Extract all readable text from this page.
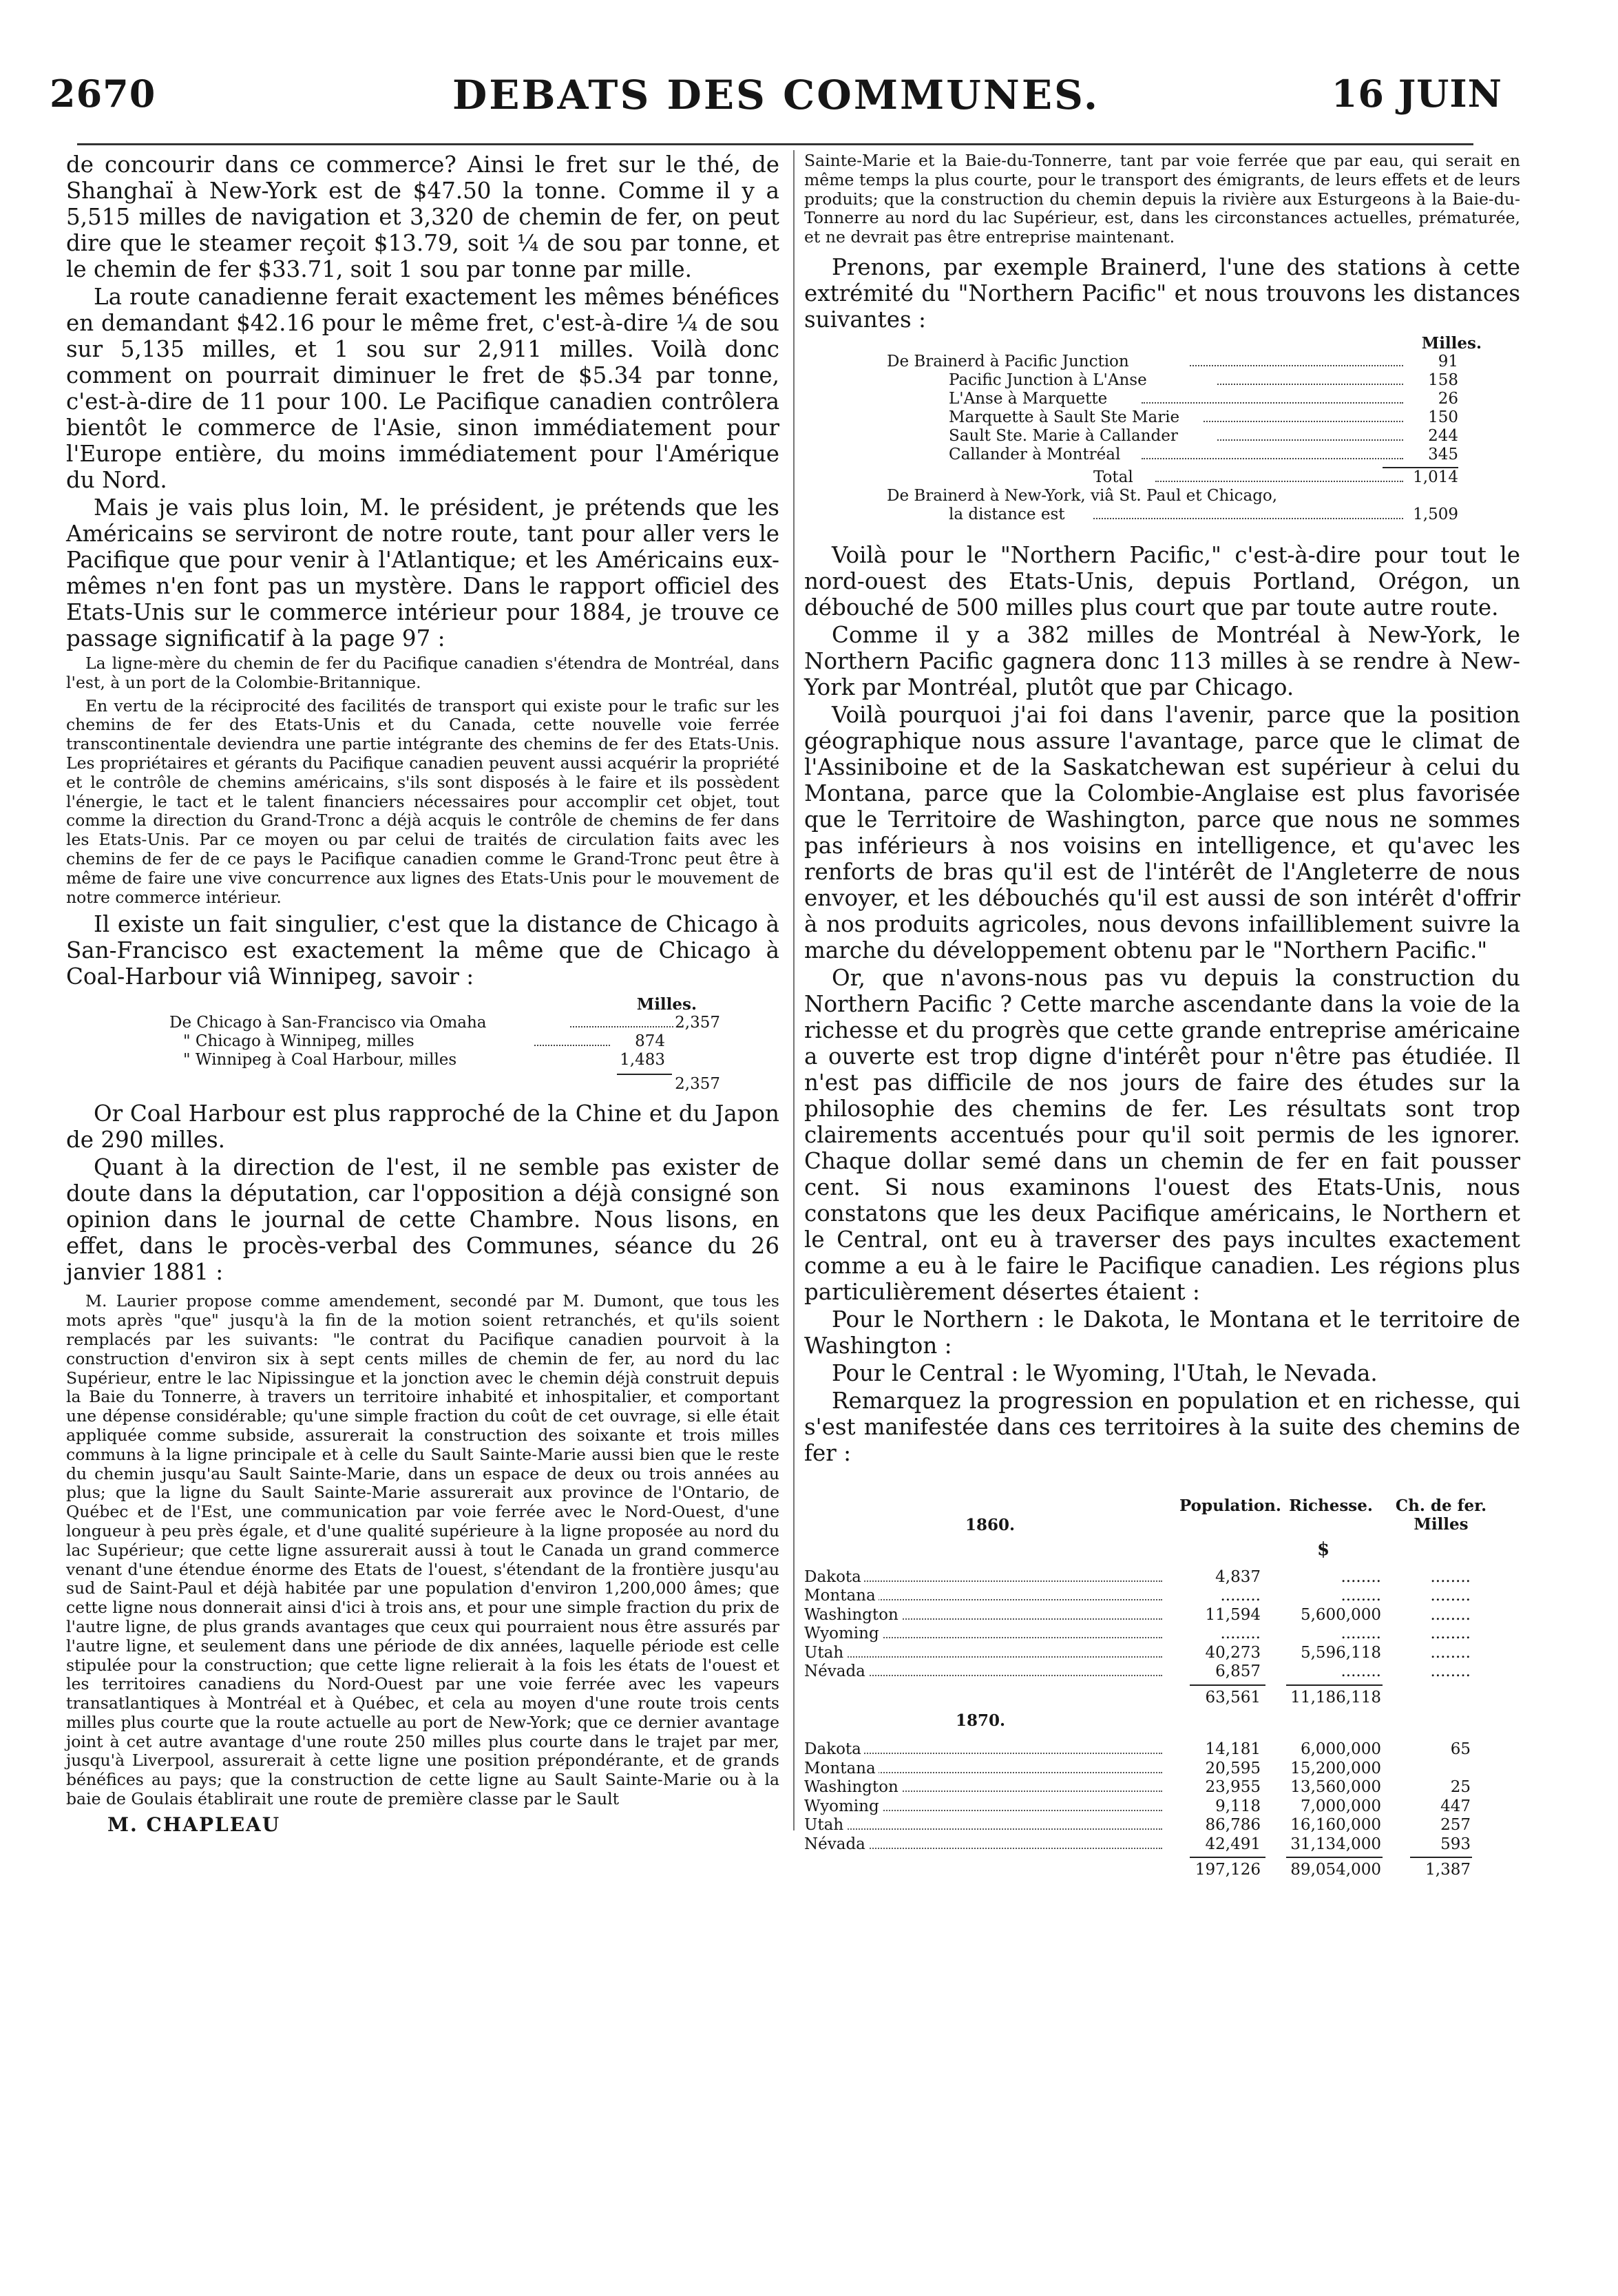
2670	DEBATS DES COMMUNES.	16 JUIN
de concourir dans ce commerce? Ainsi le fret sur le thé, de Shanghaï à New-York est de $47.50 la tonne. Comme il y a 5,515 milles de navigation et 3,320 de chemin de fer, on peut dire que le steamer reçoit $13.79, soit ¼ de sou par tonne, et le chemin de fer $33.71, soit 1 sou par tonne par mille.
La route canadienne ferait exactement les mêmes bénéfices en demandant $42.16 pour le même fret, c'est-à-dire ¼ de sou sur 5,135 milles, et 1 sou sur 2,911 milles. Voilà donc comment on pourrait diminuer le fret de $5.34 par tonne, c'est-à-dire de 11 pour 100. Le Pacifique canadien contrôlera bientôt le commerce de l'Asie, sinon immédiatement pour l'Europe entière, du moins immédiatement pour l'Amérique du Nord.
Mais je vais plus loin, M. le président, je prétends que les Américains se serviront de notre route, tant pour aller vers le Pacifique que pour venir à l'Atlantique; et les Américains eux-mêmes n'en font pas un mystère. Dans le rapport officiel des Etats-Unis sur le commerce intérieur pour 1884, je trouve ce passage significatif à la page 97 :
La ligne-mère du chemin de fer du Pacifique canadien s'étendra de Montréal, dans l'est, à un port de la Colombie-Britannique.
En vertu de la réciprocité des facilités de transport qui existe pour le trafic sur les chemins de fer des Etats-Unis et du Canada, cette nouvelle voie ferrée transcontinentale deviendra une partie intégrante des chemins de fer des Etats-Unis. Les propriétaires et gérants du Pacifique canadien peuvent aussi acquérir la propriété et le contrôle de chemins américains, s'ils sont disposés à le faire et ils possèdent l'énergie, le tact et le talent financiers nécessaires pour accomplir cet objet, tout comme la direction du Grand-Tronc a déjà acquis le contrôle de chemins de fer dans les Etats-Unis. Par ce moyen ou par celui de traités de circulation faits avec les chemins de fer de ce pays le Pacifique canadien comme le Grand-Tronc peut être à même de faire une vive concurrence aux lignes des Etats-Unis pour le mouvement de notre commerce intérieur.
Il existe un fait singulier, c'est que la distance de Chicago à San-Francisco est exactement la même que de Chicago à Coal-Harbour viâ Winnipeg, savoir :
Milles.
De Chicago à San-Francisco via Omaha	2,357
" Chicago à Winnipeg, milles	874
" Winnipeg à Coal Harbour, milles	1,483
2,357
Or Coal Harbour est plus rapproché de la Chine et du Japon de 290 milles.
Quant à la direction de l'est, il ne semble pas exister de doute dans la députation, car l'opposition a déjà consigné son opinion dans le journal de cette Chambre. Nous lisons, en effet, dans le procès-verbal des Communes, séance du 26 janvier 1881 :
M. Laurier propose comme amendement, secondé par M. Dumont, que tous les mots après "que" jusqu'à la fin de la motion soient retranchés, et qu'ils soient remplacés par les suivants: "le contrat du Pacifique canadien pourvoit à la construction d'environ six à sept cents milles de chemin de fer, au nord du lac Supérieur, entre le lac Nipissingue et la jonction avec le chemin déjà construit depuis la Baie du Tonnerre, à travers un territoire inhabité et inhospitalier, et comportant une dépense considérable; qu'une simple fraction du coût de cet ouvrage, si elle était appliquée comme subside, assurerait la construction des soixante et trois milles communs à la ligne principale et à celle du Sault Sainte-Marie aussi bien que le reste du chemin jusqu'au Sault Sainte-Marie, dans un espace de deux ou trois années au plus; que la ligne du Sault Sainte-Marie assurerait aux province de l'Ontario, de Québec et de l'Est, une communication par voie ferrée avec le Nord-Ouest, d'une longueur à peu près égale, et d'une qualité supérieure à la ligne proposée au nord du lac Supérieur; que cette ligne assurerait aussi à tout le Canada un grand commerce venant d'une étendue énorme des Etats de l'ouest, s'étendant de la frontière jusqu'au sud de Saint-Paul et déjà habitée par une population d'environ 1,200,000 âmes; que cette ligne nous donnerait ainsi d'ici à trois ans, et pour une simple fraction du prix de l'autre ligne, de plus grands avantages que ceux qui pourraient nous être assurés par l'autre ligne, et seulement dans une période de dix années, laquelle période est celle stipulée pour la construction; que cette ligne relierait à la fois les états de l'ouest et les territoires canadiens du Nord-Ouest par une voie ferrée avec les vapeurs transatlantiques à Montréal et à Québec, et cela au moyen d'une route trois cents milles plus courte que la route actuelle au port de New-York; que ce dernier avantage joint à cet autre avantage d'une route 250 milles plus courte dans le trajet par mer, jusqu'à Liverpool, assurerait à cette ligne une position prépondérante, et de grands bénéfices au pays; que la construction de cette ligne au Sault Sainte-Marie ou à la baie de Goulais établirait une route de première classe par le Sault
M. CHAPLEAU
Sainte-Marie et la Baie-du-Tonnerre, tant par voie ferrée que par eau, qui serait en même temps la plus courte, pour le transport des émigrants, de leurs effets et de leurs produits; que la construction du chemin depuis la rivière aux Esturgeons à la Baie-du-Tonnerre au nord du lac Supérieur, est, dans les circonstances actuelles, prématurée, et ne devrait pas être entreprise maintenant.
Prenons, par exemple Brainerd, l'une des stations à cette extrémité du "Northern Pacific" et nous trouvons les distances suivantes :
Milles.
De Brainerd à Pacific Junction	91
Pacific Junction à L'Anse	158
L'Anse à Marquette	26
Marquette à Sault Ste Marie	150
Sault Ste. Marie à Callander	244
Callander à Montréal	345
Total	1,014
De Brainerd à New-York, viâ St. Paul et Chicago,
la distance est	1,509
Voilà pour le "Northern Pacific," c'est-à-dire pour tout le nord-ouest des Etats-Unis, depuis Portland, Orégon, un débouché de 500 milles plus court que par toute autre route.
Comme il y a 382 milles de Montréal à New-York, le Northern Pacific gagnera donc 113 milles à se rendre à New-York par Montréal, plutôt que par Chicago.
Voilà pourquoi j'ai foi dans l'avenir, parce que la position géographique nous assure l'avantage, parce que le climat de l'Assiniboine et de la Saskatchewan est supérieur à celui du Montana, parce que la Colombie-Anglaise est plus favorisée que le Territoire de Washington, parce que nous ne sommes pas inférieurs à nos voisins en intelligence, et qu'avec les renforts de bras qu'il est de l'intérêt de l'Angleterre de nous envoyer, et les débouchés qu'il est aussi de son intérêt d'offrir à nos produits agricoles, nous devons infailliblement suivre la marche du développement obtenu par le "Northern Pacific."
Or, que n'avons-nous pas vu depuis la construction du Northern Pacific ? Cette marche ascendante dans la voie de la richesse et du progrès que cette grande entreprise américaine a ouverte est trop digne d'intérêt pour n'être pas étudiée. Il n'est pas difficile de nos jours de faire des études sur la philosophie des chemins de fer. Les résultats sont trop clairements accentués pour qu'il soit permis de les ignorer. Chaque dollar semé dans un chemin de fer en fait pousser cent. Si nous examinons l'ouest des Etats-Unis, nous constatons que les deux Pacifique américains, le Northern et le Central, ont eu à traverser des pays incultes exactement comme a eu à le faire le Pacifique canadien. Les régions plus particulièrement désertes étaient :
Pour le Northern : le Dakota, le Montana et le territoire de Washington :
Pour le Central : le Wyoming, l'Utah, le Nevada.
Remarquez la progression en population et en richesse, qui s'est manifestée dans ces territoires à la suite des chemins de fer :
1860.
Population. Richesse.	Ch. de fer. Milles
$
Dakota	4,837	........	........
Montana	........	........	........
Washington	11,594	5,600,000	........
Wyoming	........	........	........
Utah	40,273	5,596,118	........
Névada	6,857	........	........
63,561	11,186,118
1870.
Dakota	14,181	6,000,000	65
Montana	20,595	15,200,000
Washington	23,955	13,560,000	25
Wyoming	9,118	7,000,000	447
Utah	86,786	16,160,000	257
Névada	42,491	31,134,000	593
197,126	89,054,000	1,387
